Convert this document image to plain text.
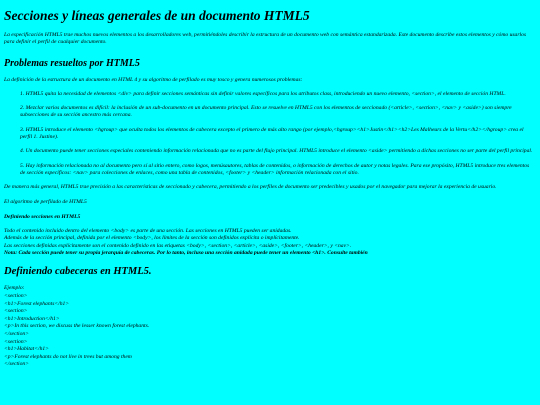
Secciones y líneas generales de un documento HTML5

La especificación HTML5 trae muchos nuevos elementos a los desarrolladores web, permitiéndoles describir la estructura de un documento web con semántica estandarizada. Este documento describe estos elementos y cómo usarlos para definir el perfil de cualquier documento.

Problemas resueltos por HTML5

La definición de la estructura de un documento en HTML 4 y su algoritmo de perfilado es muy tosco y genera numerosos problemas:

1. HTML5 quita la necesidad de elementos <div> para definir secciones semánticas sin definir valores específicos para los atributos class, introduciendo un nuevo elemento, <section>, el elemento de sección HTML.
2. Mezclar varios documentos es difícil: la inclusión de un sub-documento en un documento principal. Esto se resuelve en HTML5 con los elementos de seccionado (<article>, <section>, <nav> y <aside>) son siempre subsecciones de su sección ancestro más cercana.
3. HTML5 introduce el elemento <hgroup> que oculta todos los elementos de cabecera excepto el primero de más alto rango (por ejemplo,<hgroup><h1>Justin</h1><h2>Les Malheurs de la Vertu</h2></hgroup> crea el perfil 1. Justine).
4. Un documento puede tener secciones especiales conteniendo información relacionada que no es parte del flujo principal. HTML5 introduce el elemento <aside> permitiendo a dichas secciones no ser parte del perfil principal.
5. Hay información relacionada no al documento pero sí al sitio entero, como logos, menúsautores, tablas de contenidos, o información de derechos de autor y notas legales. Para ese propósito, HTML5 introduce tres elementos de sección específicos: <nav> para colecciones de enlaces, como una tabla de contenidos, <footer> y <header> información relacionada con el sitio.

De manera más general, HTML5 trae precisión a las características de seccionado y cabecera, permitiendo a los perfiles de documento ser predecibles y usados por el navegador para mejorar la experiencia de usuario.

El algoritmo de perfilado de HTML5

Definiendo secciones en HTML5

Todo el contenido incluido dentro del elemento <body> es parte de una sección. Las secciones en HTML5 pueden ser anidadas.
Además de la sección principal, definida por el elemento <body>, los límites de la sección son definidos explícita o implícitamente.
Las secciones definidas explícitamente son el contenido definido en las etiquetas <body>, <section>, <article>, <aside>, <footer>, <header>, y <nav>.
Nota: Cada sección puede tener su propia jerarquía de cabeceras. Por lo tanto, incluso una sección anidada puede tener un elemento <h1>. Consulte también

Definiendo cabeceras en HTML5.
Ejemplo:
<section>
<h1>Forest elephants</h1>
<section>
<h1>Introduction</h1>
<p>In this section, we discuss the lesser known forest elephants.
</section>
<section>
<h1>Habitat</h1>
<p>Forest elephants do not live in trees but among them
</section>
